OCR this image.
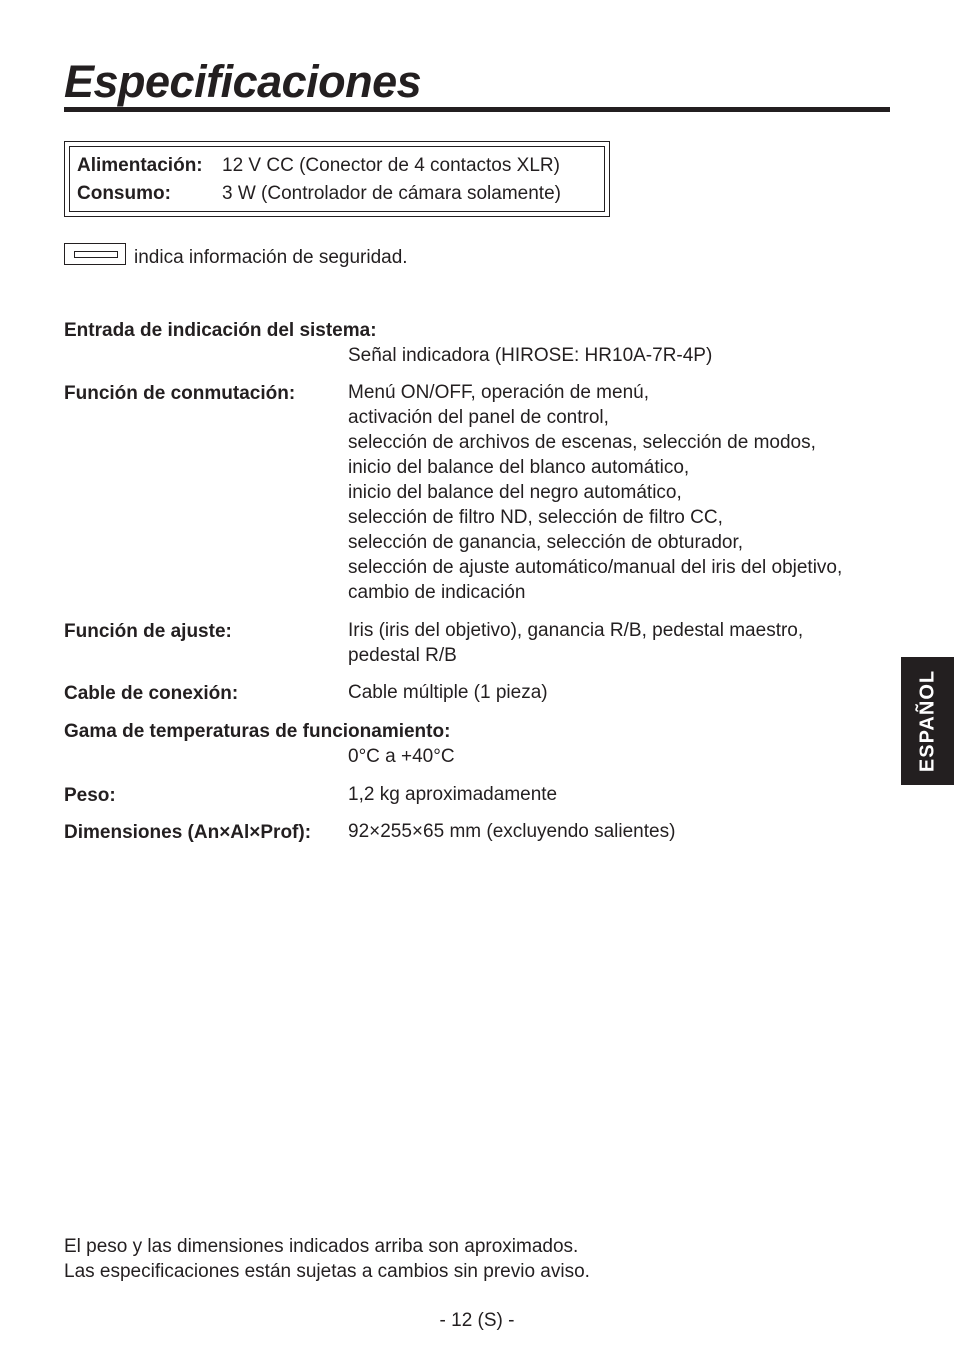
Especificaciones
Alimentación: 12 V CC (Conector de 4 contactos XLR)
Consumo:	3 W (Controlador de cámara solamente)
indica información de seguridad.
Entrada de indicación del sistema:
Señal indicadora (HIROSE: HR10A-7R-4P)
Función de conmutación:	Menú ON/OFF, operación de menú,
activación del panel de control,
selección de archivos de escenas, selección de modos,
inicio del balance del blanco automático,
inicio del balance del negro automático,
selección de filtro ND, selección de filtro CC,
selección de ganancia, selección de obturador,
selección de ajuste automático/manual del iris del objetivo,
cambio de indicación
Función de ajuste:	Iris (iris del objetivo), ganancia R/B, pedestal maestro,
pedestal R/B
Cable de conexión:	Cable múltiple (1 pieza)
Gama de temperaturas de funcionamiento:
0°C a +40°C
Peso:	1,2 kg aproximadamente
Dimensiones (An×Al×Prof): 92×255×65 mm (excluyendo salientes)
ESPAÑOL
El peso y las dimensiones indicados arriba son aproximados.
Las especificaciones están sujetas a cambios sin previo aviso.
- 12 (S) -
